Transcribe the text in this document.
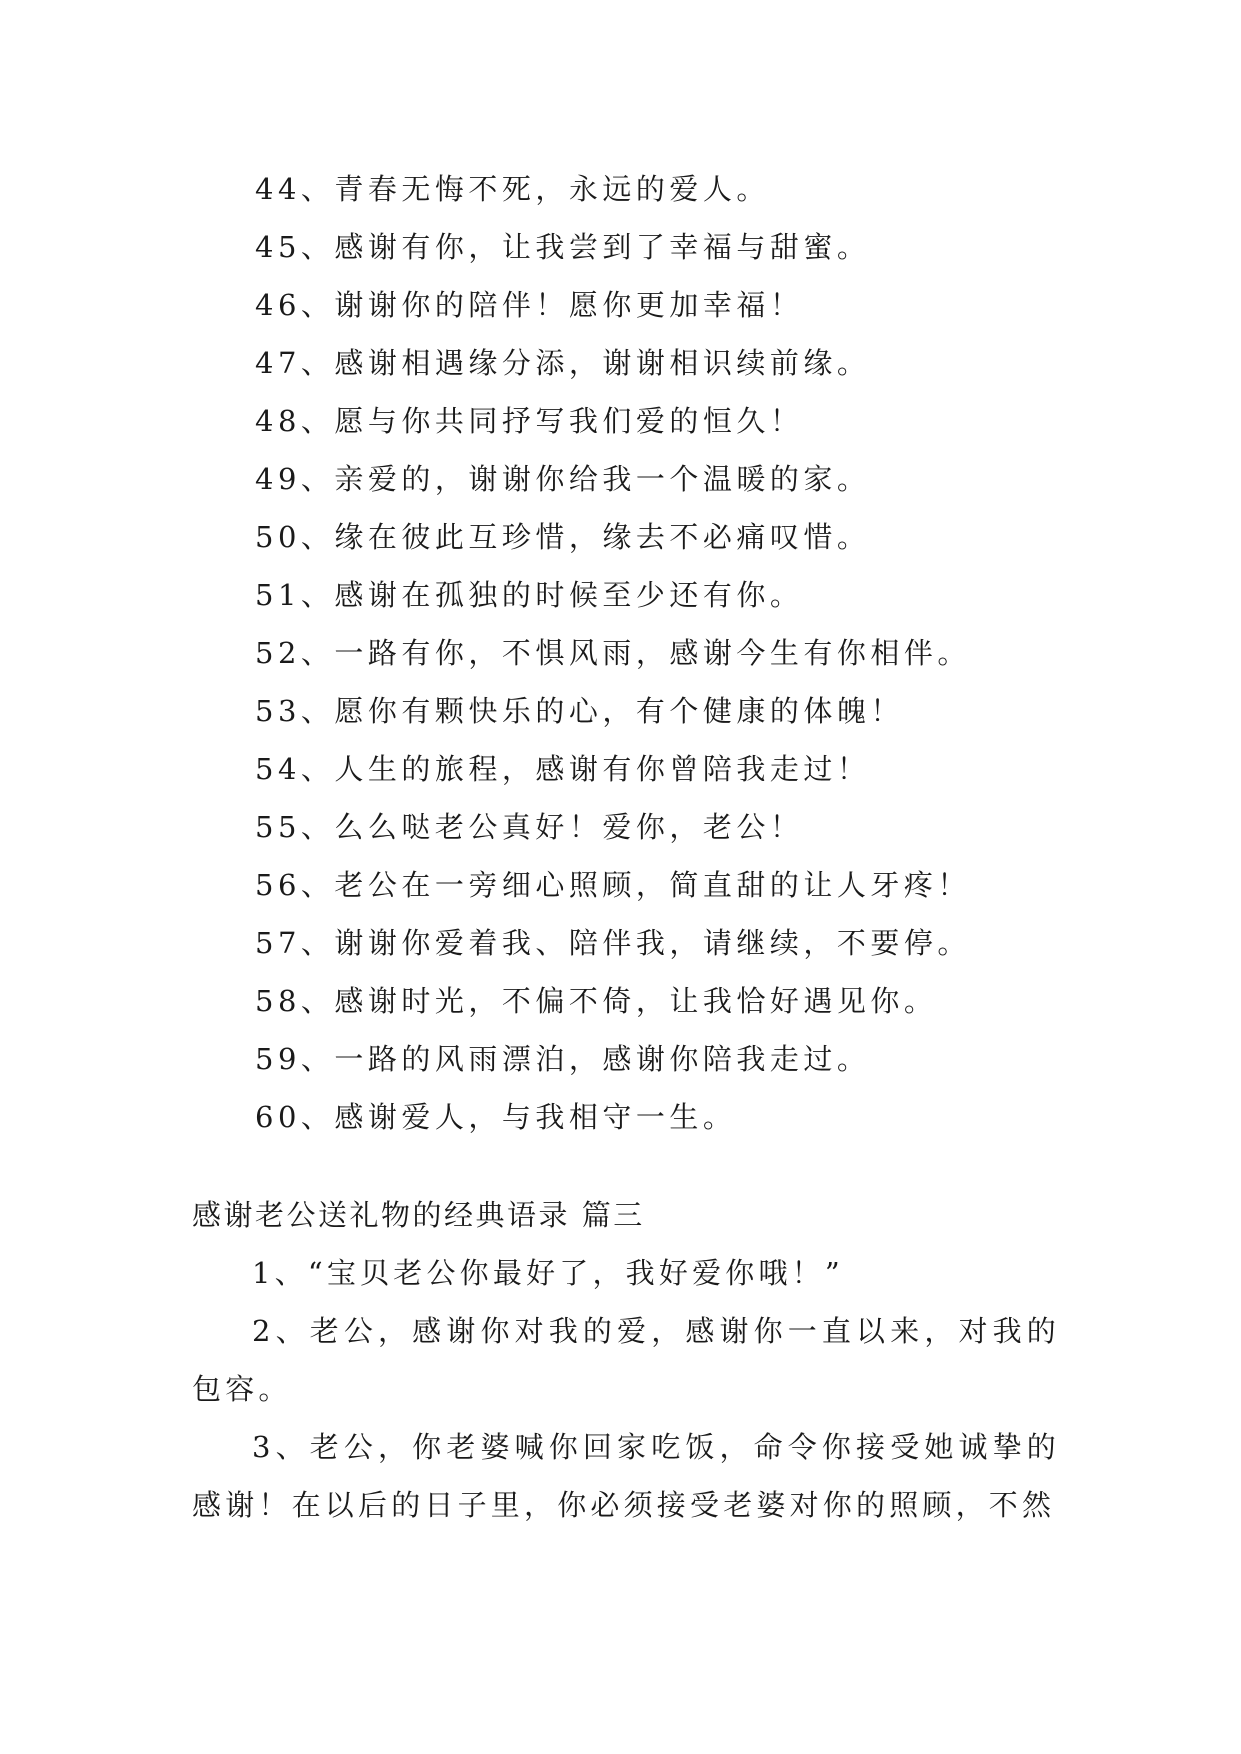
44、青春无悔不死，永远的爱人。
45、感谢有你，让我尝到了幸福与甜蜜。
46、谢谢你的陪伴！愿你更加幸福！
47、感谢相遇缘分添，谢谢相识续前缘。
48、愿与你共同抒写我们爱的恒久！
49、亲爱的，谢谢你给我一个温暖的家。
50、缘在彼此互珍惜，缘去不必痛叹惜。
51、感谢在孤独的时候至少还有你。
52、一路有你，不惧风雨，感谢今生有你相伴。
53、愿你有颗快乐的心，有个健康的体魄！
54、人生的旅程，感谢有你曾陪我走过！
55、么么哒老公真好！爱你，老公！
56、老公在一旁细心照顾，简直甜的让人牙疼！
57、谢谢你爱着我、陪伴我，请继续，不要停。
58、感谢时光，不偏不倚，让我恰好遇见你。
59、一路的风雨漂泊，感谢你陪我走过。
60、感谢爱人，与我相守一生。
感谢老公送礼物的经典语录 篇三
1、“宝贝老公你最好了，我好爱你哦！”
2、老公，感谢你对我的爱，感谢你一直以来，对我的包容。
3、老公，你老婆喊你回家吃饭，命令你接受她诚挚的感谢！在以后的日子里，你必须接受老婆对你的照顾，不然
